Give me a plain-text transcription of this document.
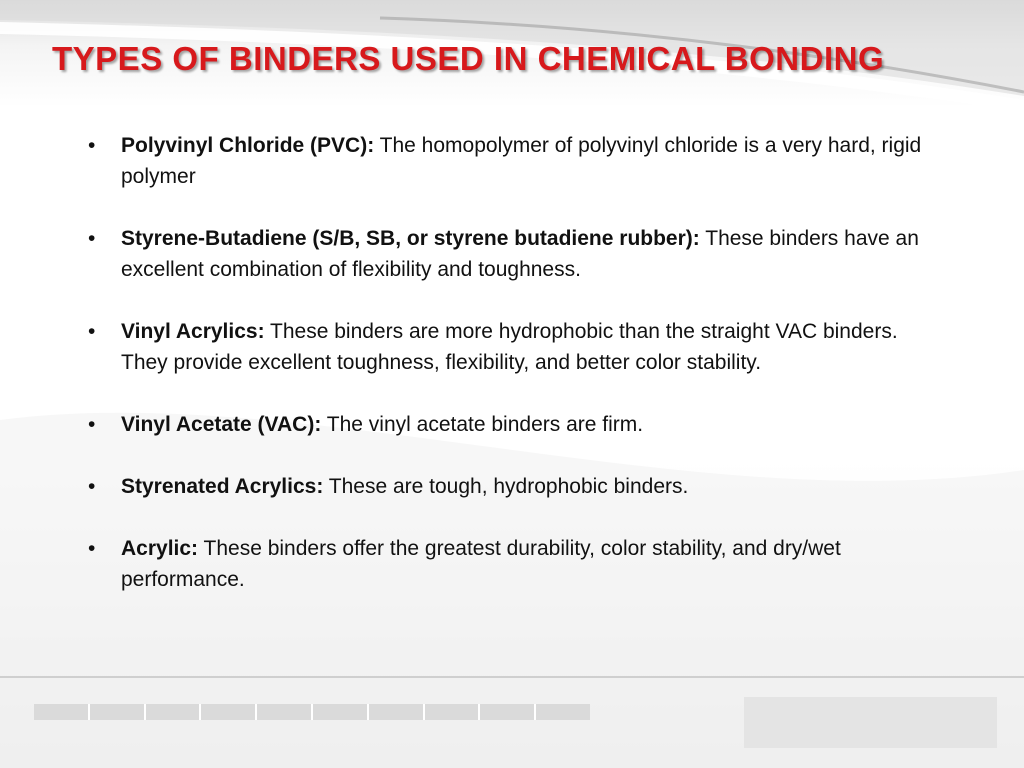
TYPES OF BINDERS USED IN CHEMICAL BONDING
• Polyvinyl Chloride (PVC): The homopolymer of polyvinyl chloride is a very hard, rigid polymer
• Styrene-Butadiene (S/B, SB, or styrene butadiene rubber): These binders have an excellent combination of flexibility and toughness.
• Vinyl Acrylics: These binders are more hydrophobic than the straight VAC binders. They provide excellent toughness, flexibility, and better color stability.
• Vinyl Acetate (VAC): The vinyl acetate binders are firm.
• Styrenated Acrylics: These are tough, hydrophobic binders.
• Acrylic: These binders offer the greatest durability, color stability, and dry/wet performance.
